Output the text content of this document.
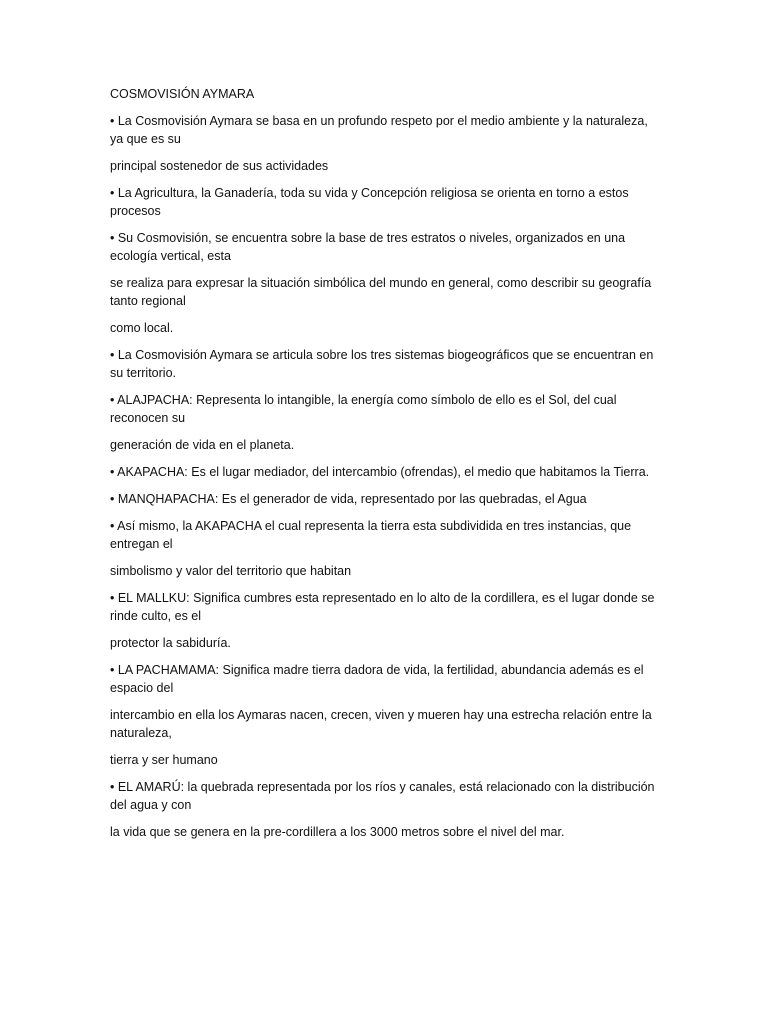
COSMOVISIÓN AYMARA
• La Cosmovisión Aymara se basa en un profundo respeto por el medio ambiente y la naturaleza, ya que es su
principal sostenedor de sus actividades
• La Agricultura, la Ganadería, toda su vida y Concepción religiosa se orienta en torno a estos procesos
• Su Cosmovisión, se encuentra sobre la base de tres estratos o niveles, organizados en una ecología vertical, esta
se realiza para expresar la situación simbólica del mundo en general, como describir su geografía tanto regional
como local.
• La Cosmovisión Aymara se articula sobre los tres sistemas biogeográficos que se encuentran en su territorio.
• ALAJPACHA: Representa lo intangible, la energía como símbolo de ello es el Sol, del cual reconocen su
generación de vida en el planeta.
• AKAPACHA: Es el lugar mediador, del intercambio (ofrendas), el medio que habitamos la Tierra.
• MANQHAPACHA: Es el generador de vida, representado por las quebradas, el Agua
• Así mismo, la AKAPACHA el cual representa la tierra esta subdividida en tres instancias, que entregan el
simbolismo y valor del territorio que habitan
• EL MALLKU: Significa cumbres esta representado en lo alto de la cordillera, es el lugar donde se rinde culto, es el
protector la sabiduría.
• LA PACHAMAMA: Significa madre tierra dadora de vida, la fertilidad, abundancia además es el espacio del
intercambio en ella los Aymaras nacen, crecen, viven y mueren hay una estrecha relación entre la naturaleza,
tierra y ser humano
• EL AMARÚ: la quebrada representada por los ríos y canales, está relacionado con la distribución del agua y con
la vida que se genera en la pre-cordillera a los 3000 metros sobre el nivel del mar.
